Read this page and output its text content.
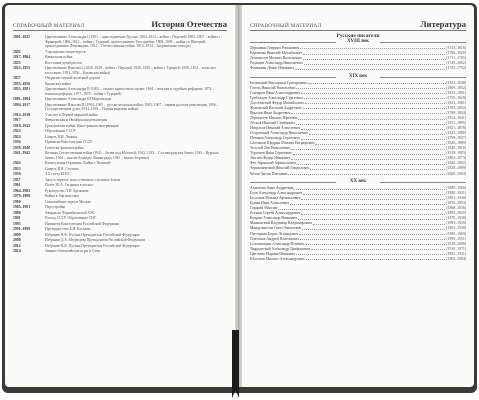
СПРАВОЧНЫЙ МАТЕРИАЛ	История Отечества
1801–1825	Царствование Александра I (1801 – присоединение Грузии; 1804–1813 – война с Персией; 1805–1807 – войны с Францией; 1806–1812 – война с Турцией, присоединение Бессарабии; 1808–1809 – война со Швецией, присоединение Финляндии; 1812 – Отечественная война; 1813–1814 – Заграничные походы)
1802	Учреждение министерств
1817–1864	Кавказская война
1825	Восстание декабристов
1825–1855	Царствование Николая I (1826–1828 – война с Персией; 1828–1829 – война с Турцией; 1830–1831 – польское восстание; 1853–1856 – Крымская война)
1837	Открытие первой железной дороги
1853–1856	Крымская война
1855–1881	Царствование Александра II (1861 – отмена крепостного права; 1864 – земская и судебная реформы; 1874 – военная реформа; 1877–1878 – война с Турцией)
1881–1894	Царствование Александра III Миротворца
1894–1917	Царствование Николая II (1904–1905 – русско-японская война; 1905–1907 – первая русская революция; 1906 – Государственная дума; 1914–1918 – Первая мировая война)
1914–1918	Участие в Первой мировой войне
1917	Февральская и Октябрьская революции
1918–1922	Гражданская война. Иностранная интервенция
1922	Образование СССР
1924	Смерть В.И. Ленина
1936	Принятие Конституции СССР
1939–1940	Советско-финская война
1941–1945	Великая Отечественная война (1941 – битва под Москвой; 1942–1943 – Сталинградская битва; 1943 – Курская битва; 1944 – снятие блокады Ленинграда; 1945 – взятие Берлина)
1945	Капитуляция Германии. Война с Японией
1953	Смерть И.В. Сталина
1956	XX съезд КПСС
1957	Запуск первого искусственного спутника Земли
1961	Полёт Ю.А. Гагарина в космос
1964–1982	Руководство Л.И. Брежнева
1979–1989	Война в Афганистане
1980	Олимпийские игры в Москве
1985–1991	Перестройка
1986	Авария на Чернобыльской АЭС
1991	Распад СССР. Образование СНГ
1993	Принятие Конституции Российской Федерации
1991–1999	Президентство Б.Н. Ельцина
2000	Избрание В.В. Путина Президентом Российской Федерации
2008	Избрание Д.А. Медведева Президентом Российской Федерации
2012	Избрание В.В. Путина Президентом Российской Федерации
2014	Зимние Олимпийские игры в Сочи
СПРАВОЧНЫЙ МАТЕРИАЛ	Литература
Русские писатели
XVIII век
Державин Гавриил Романович	(1743–1816)
Карамзин Николай Михайлович	(1766–1826)
Ломоносов Михаил Васильевич	(1711–1765)
Радищев Александр Николаевич	(1749–1802)
Фонвизин Денис Иванович	(1745–1792)
XIX век
Белинский Виссарион Григорьевич	(1811–1848)
Гоголь Николай Васильевич	(1809–1852)
Гончаров Иван Александрович	(1812–1891)
Грибоедов Александр Сергеевич	(1795–1829)
Достоевский Фёдор Михайлович	(1821–1881)
Жуковский Василий Андреевич	(1783–1852)
Крылов Иван Андреевич	(1769–1844)
Лермонтов Михаил Юрьевич	(1814–1841)
Лесков Николай Семёнович	(1831–1895)
Некрасов Николай Алексеевич	(1821–1878)
Островский Александр Николаевич	(1823–1886)
Пушкин Александр Сергеевич	(1799–1837)
Салтыков-Щедрин Михаил Евграфович	(1826–1889)
Толстой Лев Николаевич	(1828–1910)
Тургенев Иван Сергеевич	(1818–1883)
Тютчев Фёдор Иванович	(1803–1873)
Фет Афанасий Афанасьевич	(1820–1892)
Чернышевский Николай Гаврилович	(1828–1889)
Чехов Антон Павлович	(1860–1904)
XX век
Ахматова Анна Андреевна	(1889–1966)
Блок Александр Александрович	(1880–1921)
Булгаков Михаил Афанасьевич	(1891–1940)
Бунин Иван Алексеевич	(1870–1953)
Горький Максим	(1868–1936)
Есенин Сергей Александрович	(1895–1925)
Куприн Александр Иванович	(1870–1938)
Маяковский Владимир Владимирович	(1893–1930)
Мандельштам Осип Эмильевич	(1891–1938)
Пастернак Борис Леонидович	(1890–1960)
Платонов Андрей Платонович	(1899–1951)
Солженицын Александр Исаевич	(1918–2008)
Твардовский Александр Трифонович	(1910–1971)
Цветаева Марина Ивановна	(1892–1941)
Шолохов Михаил Александрович	(1905–1984)
